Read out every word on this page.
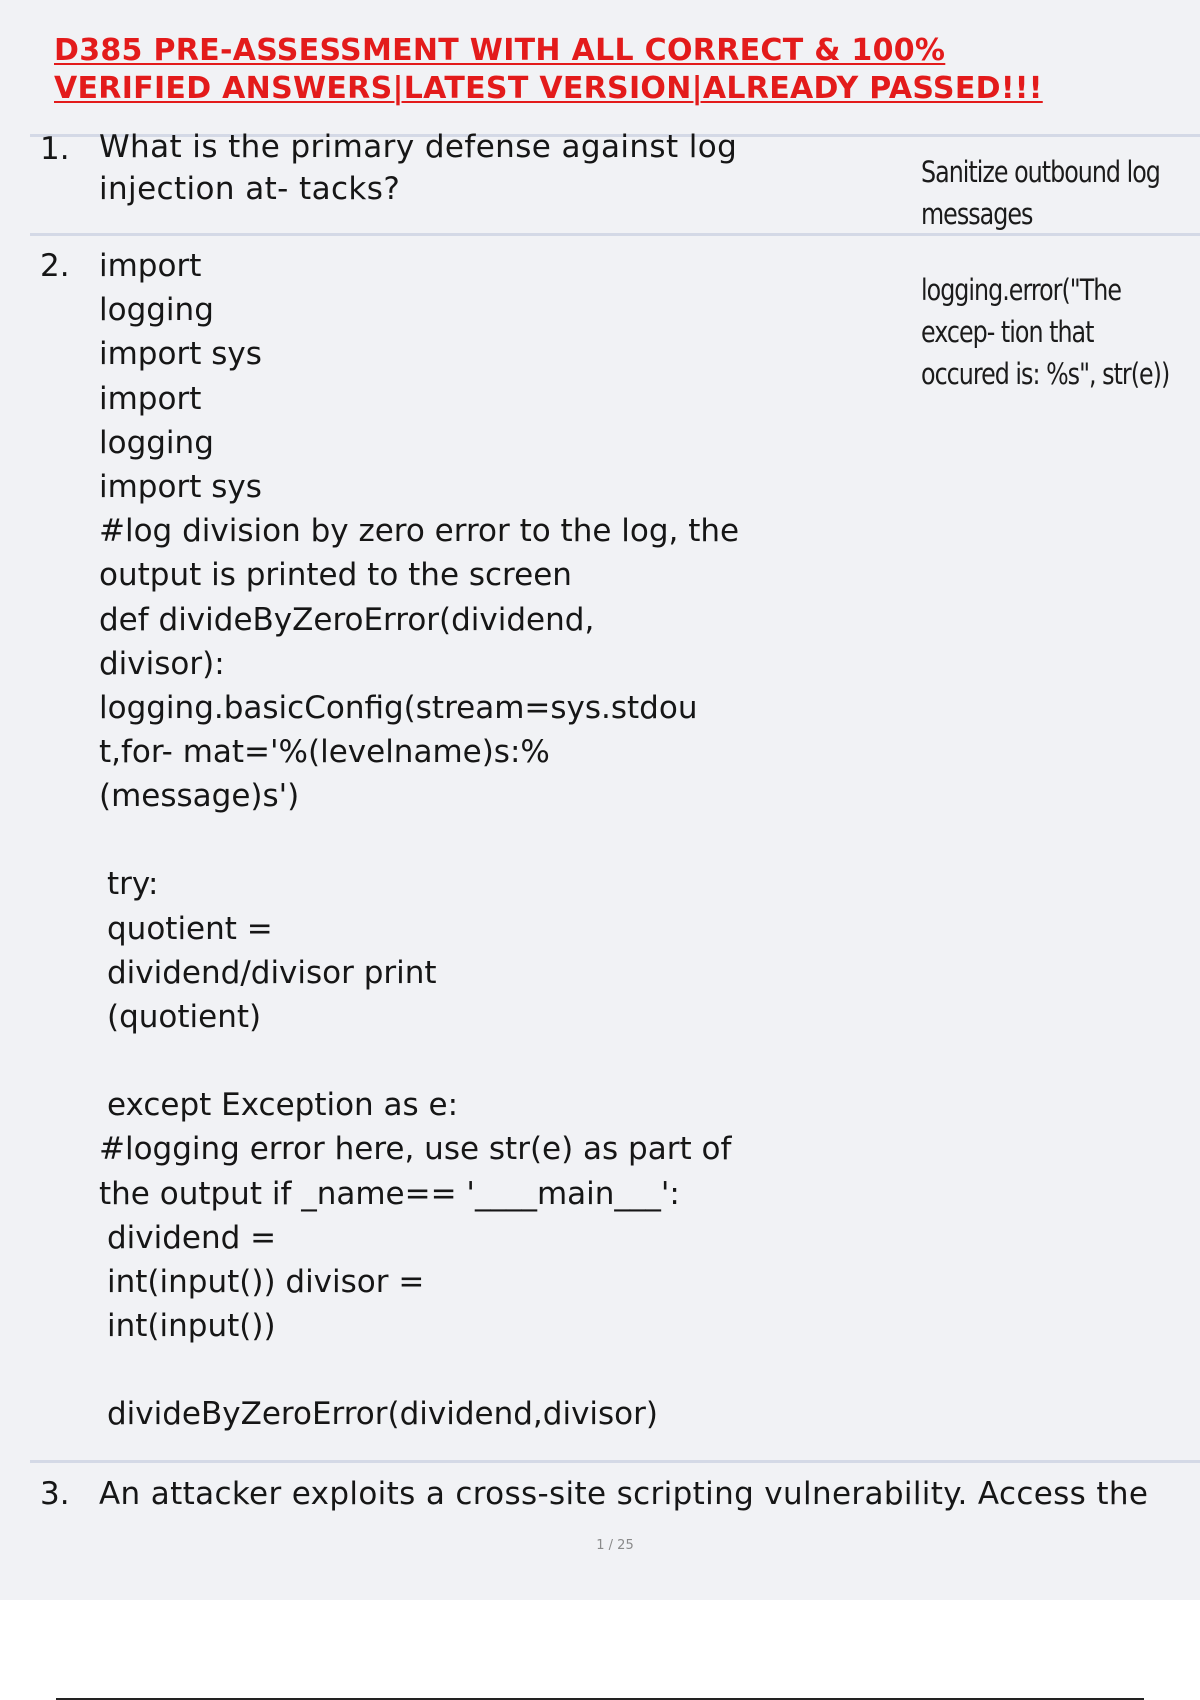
D385 PRE-ASSESSMENT WITH ALL CORRECT & 100%
VERIFIED ANSWERS|LATEST VERSION|ALREADY PASSED!!!
1. What is the primary defense against log
injection at- tacks?	Sanitize outbound log
messages
2. import
logging
import sys
import
logging
import sys
#log division by zero error to the log, the
output is printed to the screen
def divideByZeroError(dividend,
divisor):
logging.basicConfig(stream=sys.stdou
t,for- mat='%(levelname)s:%
(message)s')
try:
quotient =
dividend/divisor print
(quotient)
except Exception as e:
#logging error here, use str(e) as part of
the output if _name== '____main___':
dividend =
int(input()) divisor =
int(input())
divideByZeroError(dividend,divisor)
logging.error("The
excep- tion that
occured is: %s", str(e))
3. An attacker exploits a cross-site scripting vulnerability. Access the
1 / 25
